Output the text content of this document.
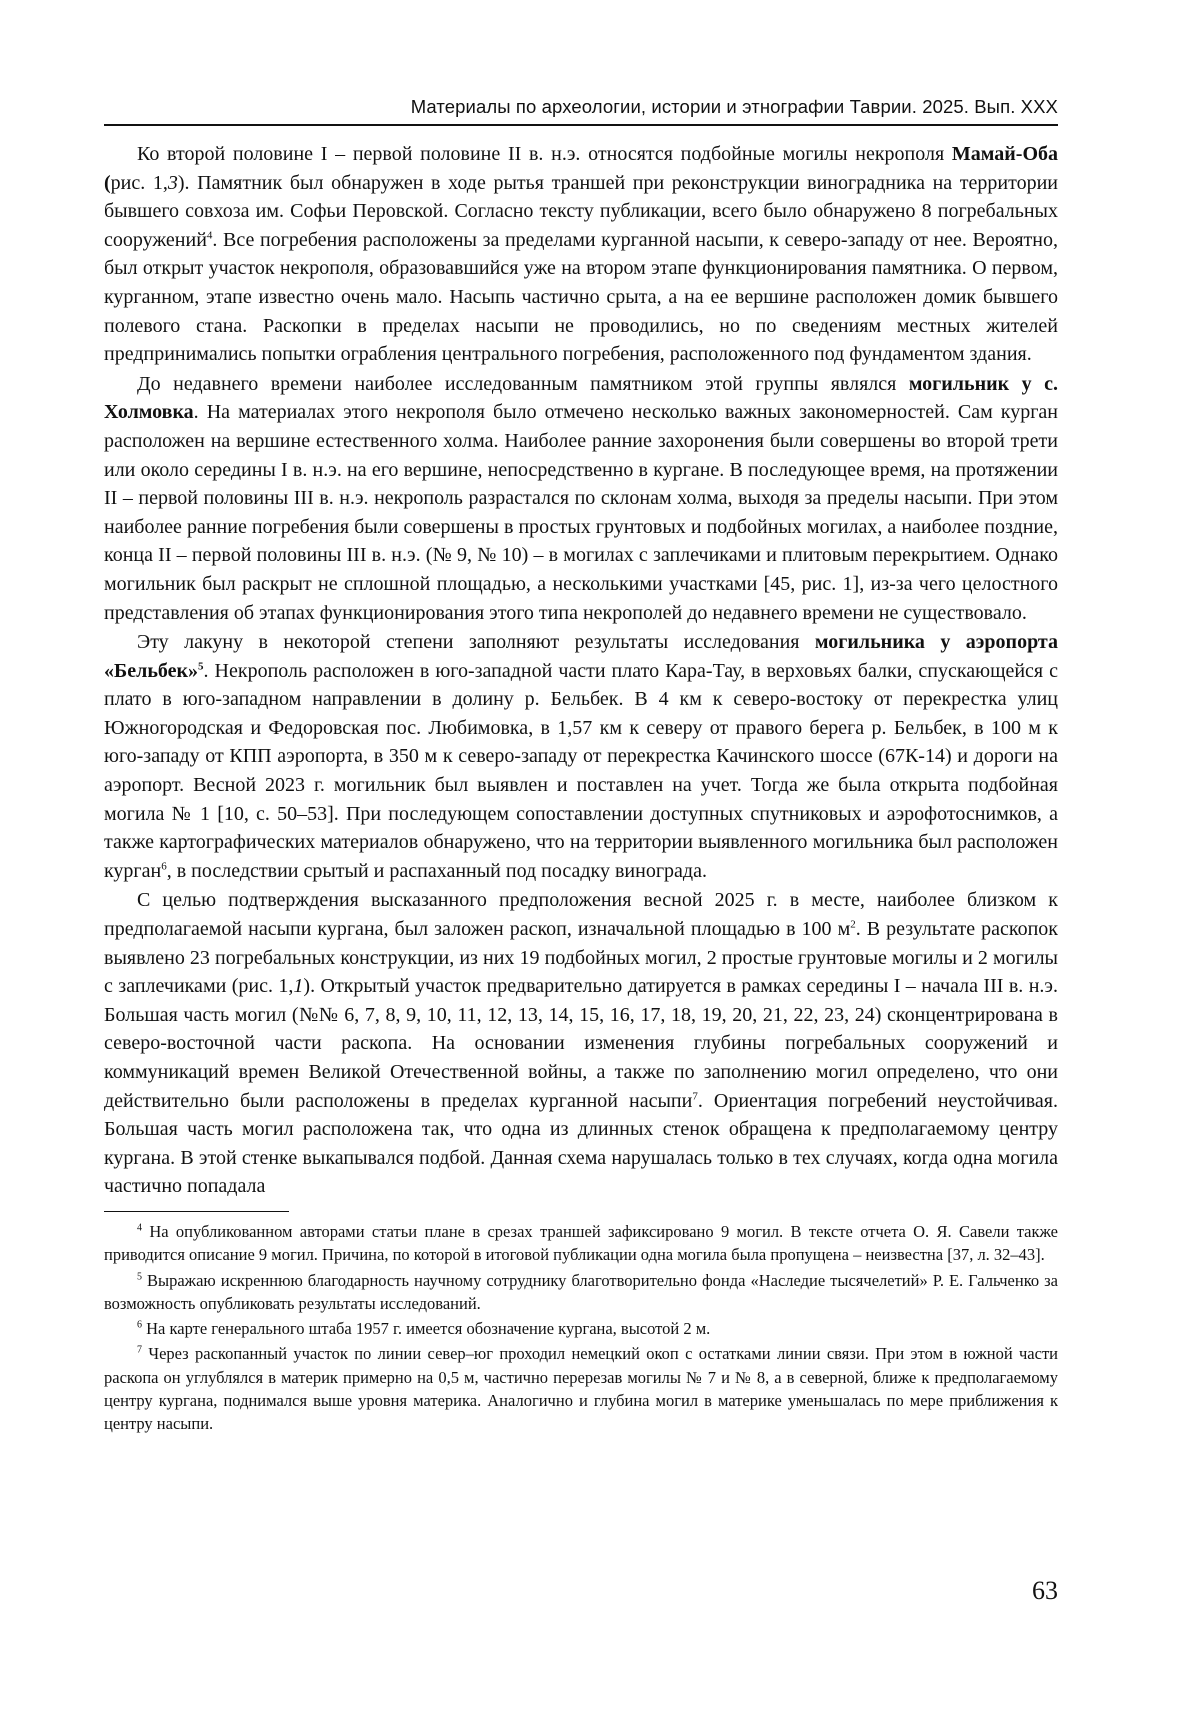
Материалы по археологии, истории и этнографии Таврии. 2025. Вып. XXX

Ко второй половине I – первой половине II в. н.э. относятся подбойные могилы некрополя Мамай-Оба (рис. 1,3). Памятник был обнаружен в ходе рытья траншей при реконструкции виноградника на территории бывшего совхоза им. Софьи Перовской. Согласно тексту публикации, всего было обнаружено 8 погребальных сооружений$^4$. Все погребения расположены за пределами курганной насыпи, к северо-западу от нее. Вероятно, был открыт участок некрополя, образовавшийся уже на втором этапе функционирования памятника. О первом, курганном, этапе известно очень мало. Насыпь частично срыта, а на ее вершине расположен домик бывшего полевого стана. Раскопки в пределах насыпи не проводились, но по сведениям местных жителей предпринимались попытки ограбления центрального погребения, расположенного под фундаментом здания.

До недавнего времени наиболее исследованным памятником этой группы являлся могильник у с. Холмовка. На материалах этого некрополя было отмечено несколько важных закономерностей. Сам курган расположен на вершине естественного холма. Наиболее ранние захоронения были совершены во второй трети или около середины I в. н.э. на его вершине, непосредственно в кургане. В последующее время, на протяжении II – первой половины III в. н.э. некрополь разрастался по склонам холма, выходя за пределы насыпи. При этом наиболее ранние погребения были совершены в простых грунтовых и подбойных могилах, а наиболее поздние, конца II – первой половины III в. н.э. (№ 9, № 10) – в могилах с заплечиками и плитовым перекрытием. Однако могильник был раскрыт не сплошной площадью, а несколькими участками [45, рис. 1], из-за чего целостного представления об этапах функционирования этого типа некрополей до недавнего времени не существовало.

Эту лакуну в некоторой степени заполняют результаты исследования могильника у аэропорта «Бельбек»$^5$. Некрополь расположен в юго-западной части плато Кара-Тау, в верховьях балки, спускающейся с плато в юго-западном направлении в долину р. Бельбек. В 4 км к северо-востоку от перекрестка улиц Южногородская и Федоровская пос. Любимовка, в 1,57 км к северу от правого берега р. Бельбек, в 100 м к юго-западу от КПП аэропорта, в 350 м к северо-западу от перекрестка Качинского шоссе (67К-14) и дороги на аэропорт. Весной 2023 г. могильник был выявлен и поставлен на учет. Тогда же была открыта подбойная могила № 1 [10, с. 50–53]. При последующем сопоставлении доступных спутниковых и аэрофотоснимков, а также картографических материалов обнаружено, что на территории выявленного могильника был расположен курган$^6$, в последствии срытый и распаханный под посадку винограда.

С целью подтверждения высказанного предположения весной 2025 г. в месте, наиболее близком к предполагаемой насыпи кургана, был заложен раскоп, изначальной площадью в 100 $м^2$. В результате раскопок выявлено 23 погребальных конструкции, из них 19 подбойных могил, 2 простые грунтовые могилы и 2 могилы с заплечиками (рис. 1,1). Открытый участок предварительно датируется в рамках середины I – начала III в. н.э. Большая часть могил (№№ 6, 7, 8, 9, 10, 11, 12, 13, 14, 15, 16, 17, 18, 19, 20, 21, 22, 23, 24) сконцентрирована в северо-восточной части раскопа. На основании изменения глубины погребальных сооружений и коммуникаций времен Великой Отечественной войны, а также по заполнению могил определено, что они действительно были расположены в пределах курганной насыпи$^7$. Ориентация погребений неустойчивая. Большая часть могил расположена так, что одна из длинных стенок обращена к предполагаемому центру кургана. В этой стенке выкапывался подбой. Данная схема нарушалась только в тех случаях, когда одна могила частично попадала

$^4$ На опубликованном авторами статьи плане в срезах траншей зафиксировано 9 могил. В тексте отчета О. Я. Савели также приводится описание 9 могил. Причина, по которой в итоговой публикации одна могила была пропущена – неизвестна [37, л. 32–43].

$^5$ Выражаю искреннюю благодарность научному сотруднику благотворительно фонда «Наследие тысячелетий» Р. Е. Гальченко за возможность опубликовать результаты исследований.

$^6$ На карте генерального штаба 1957 г. имеется обозначение кургана, высотой 2 м.

$^7$ Через раскопанный участок по линии север–юг проходил немецкий окоп с остатками линии связи. При этом в южной части раскопа он углублялся в материк примерно на 0,5 м, частично перерезав могилы № 7 и № 8, а в северной, ближе к предполагаемому центру кургана, поднимался выше уровня материка. Аналогично и глубина могил в материке уменьшалась по мере приближения к центру насыпи.

63
